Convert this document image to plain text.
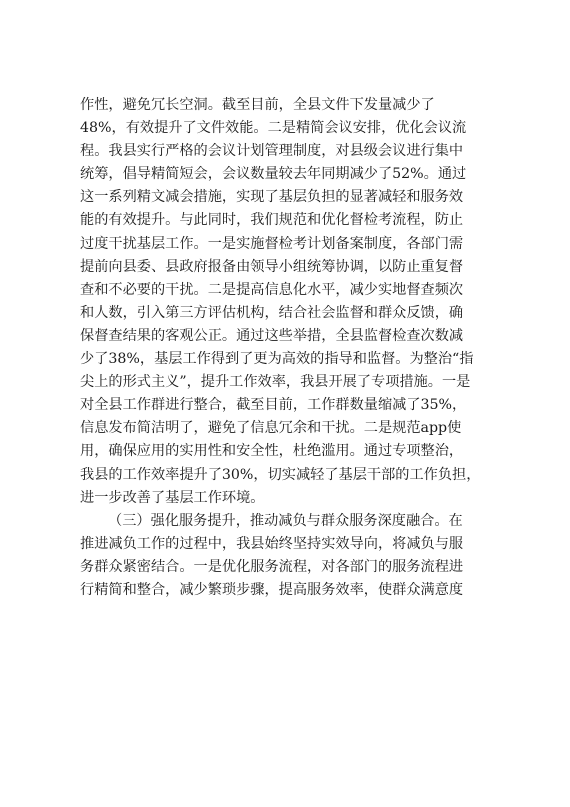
作性，避免冗长空洞。截至目前，全县文件下发量减少了
48%，有效提升了文件效能。二是精简会议安排，优化会议流
程。我县实行严格的会议计划管理制度，对县级会议进行集中
统筹，倡导精简短会，会议数量较去年同期减少了52%。通过
这一系列精文减会措施，实现了基层负担的显著减轻和服务效
能的有效提升。与此同时，我们规范和优化督检考流程，防止
过度干扰基层工作。一是实施督检考计划备案制度，各部门需
提前向县委、县政府报备由领导小组统筹协调，以防止重复督
查和不必要的干扰。二是提高信息化水平，减少实地督查频次
和人数，引入第三方评估机构，结合社会监督和群众反馈，确
保督查结果的客观公正。通过这些举措，全县监督检查次数减
少了38%，基层工作得到了更为高效的指导和监督。为整治“指
尖上的形式主义”，提升工作效率，我县开展了专项措施。一是
对全县工作群进行整合，截至目前，工作群数量缩减了35%，
信息发布简洁明了，避免了信息冗余和干扰。二是规范app使
用，确保应用的实用性和安全性，杜绝滥用。通过专项整治，
我县的工作效率提升了30%，切实减轻了基层干部的工作负担，
进一步改善了基层工作环境。
（三）强化服务提升，推动减负与群众服务深度融合。在
推进减负工作的过程中，我县始终坚持实效导向，将减负与服
务群众紧密结合。一是优化服务流程，对各部门的服务流程进
行精简和整合，减少繁琐步骤，提高服务效率，使群众满意度
